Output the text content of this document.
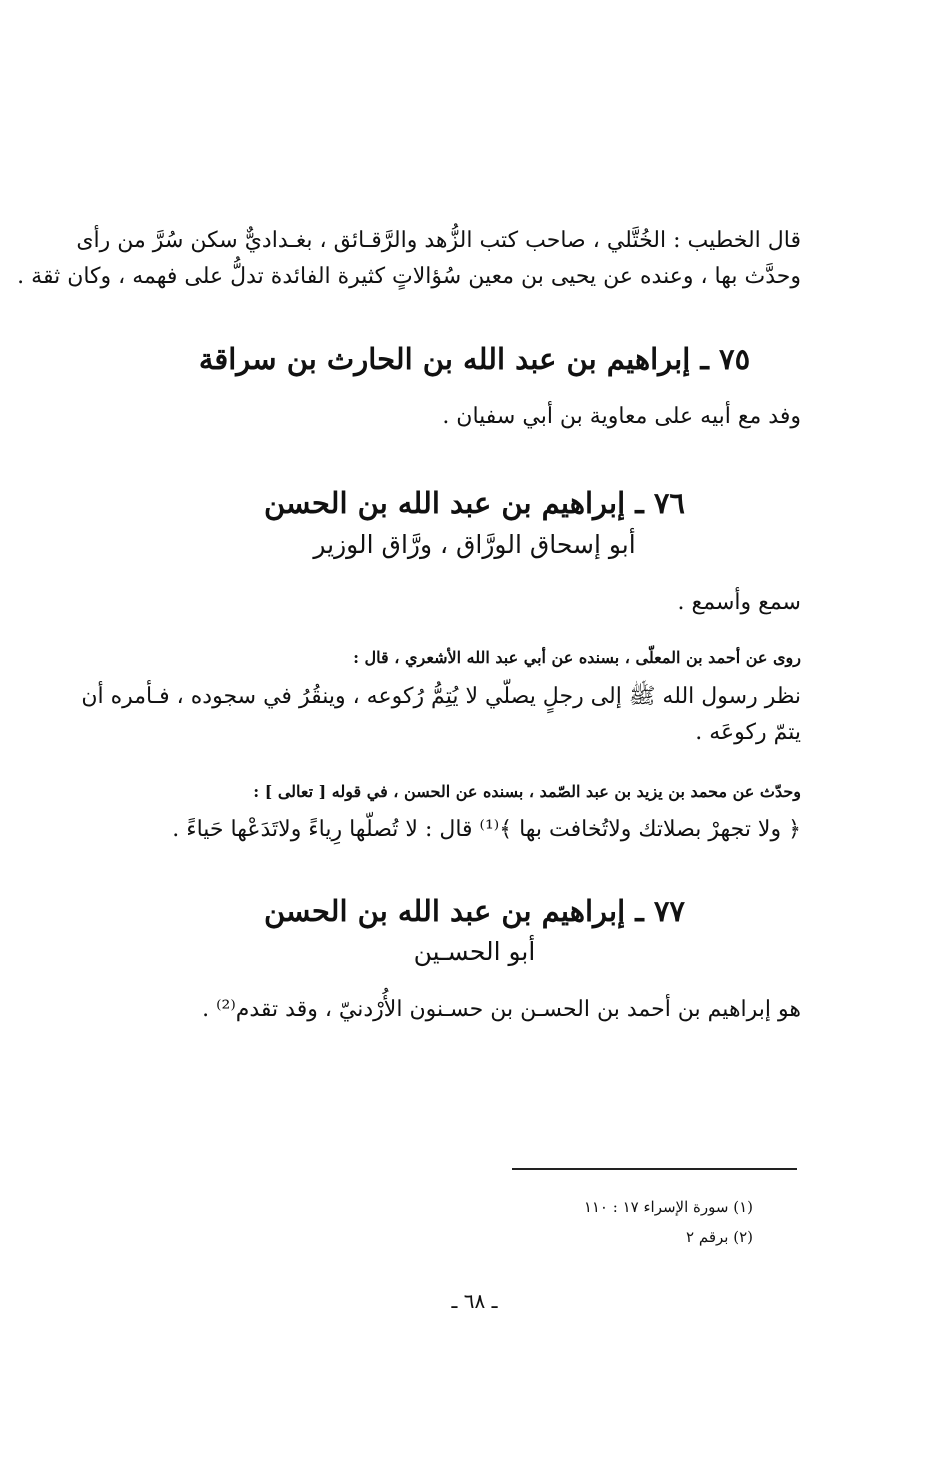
قال الخطيب : الخُتَّلي ، صاحب كتب الزُّهد والرَّقـائق ، بغـداديٌّ سكن سُرَّ من رأى

وحدَّث بها ، وعنده عن يحيى بن معين سُؤالاتٍ كثيرة الفائدة تدلُّ على فهمه ، وكان ثقة .

٧٥ ـ إبراهيم بن عبد الله بن الحارث بن سراقة

وفد مع أبيه على معاوية بن أبي سفيان .

٧٦ ـ إبراهيم بن عبد الله بن الحسن

أبو إسحاق الورَّاق ، ورَّاق الوزير

سمع وأسمع .

روى عن أحمد بن المعلّى ، بسنده عن أبي عبد الله الأشعري ، قال :

نظر رسول الله ﷺ إلى رجلٍ يصلّي لا يُتِمُّ رُكوعه ، وينقُرُ في سجوده ، فـأمره أن

يتمّ ركوعَه .

وحدّث عن محمد بن يزيد بن عبد الصّمد ، بسنده عن الحسن ، في قوله [ تعالى ] :

﴿ ولا تجهرْ بصلاتك ولاتُخافت بها ﴾⁽¹⁾ قال : لا تُصلّها رِياءً ولاتَدَعْها حَياءً .

٧٧ ـ إبراهيم بن عبد الله بن الحسن

أبو الحسـين

هو إبراهيم بن أحمد بن الحسـن بن حسـنون الأُرْدنيّ ، وقد تقدم⁽²⁾ .

(١) سورة الإسراء ١٧ : ١١٠

(٢) برقم ٢

ـ ٦٨ ـ
